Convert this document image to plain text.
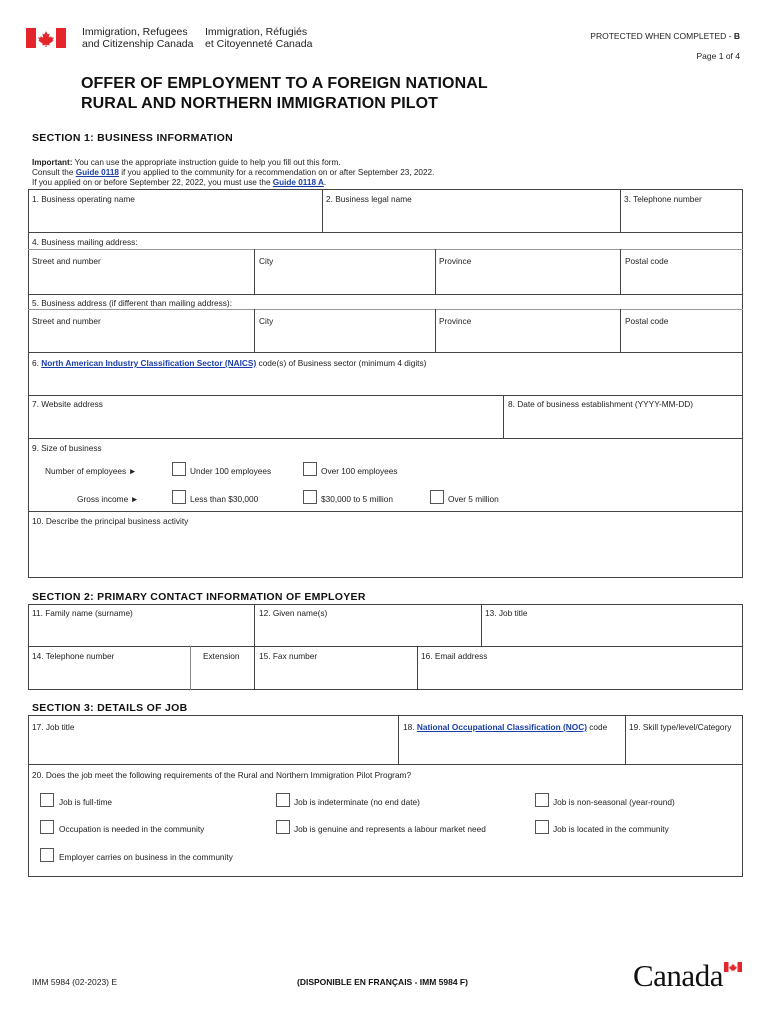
Immigration, Refugees
and Citizenship Canada
Immigration, Réfugiés
et Citoyenneté Canada
PROTECTED WHEN COMPLETED - B
Page 1 of 4
OFFER OF EMPLOYMENT TO A FOREIGN NATIONAL
RURAL AND NORTHERN IMMIGRATION PILOT
SECTION 1: BUSINESS INFORMATION
Important: You can use the appropriate instruction guide to help you fill out this form.
Consult the Guide 0118 if you applied to the community for a recommendation on or after September 23, 2022.
If you applied on or before September 22, 2022, you must use the Guide 0118 A.
1. Business operating name	2. Business legal name	3. Telephone number
4. Business mailing address:
Street and number	City	Province	Postal code
5. Business address (if different than mailing address):
Street and number	City	Province	Postal code
6. North American Industry Classification Sector (NAICS) code(s) of Business sector (minimum 4 digits)
7. Website address	8. Date of business establishment (YYYY-MM-DD)
9. Size of business
Number of employees ►	Under 100 employees	Over 100 employees
Gross income ►	Less than $30,000	$30,000 to 5 million	Over 5 million
10. Describe the principal business activity
SECTION 2: PRIMARY CONTACT INFORMATION OF EMPLOYER
11. Family name (surname)	12. Given name(s)	13. Job title
14. Telephone number	Extension 15. Fax number	16. Email address
SECTION 3: DETAILS OF JOB
17. Job title	18. National Occupational Classification (NOC) code	19. Skill type/level/Category
20. Does the job meet the following requirements of the Rural and Northern Immigration Pilot Program?
Job is full-time	Job is indeterminate (no end date)	Job is non-seasonal (year-round)
Occupation is needed in the community	Job is genuine and represents a labour market need	Job is located in the community
Employer carries on business in the community
IMM 5984 (02-2023) E	(DISPONIBLE EN FRANÇAIS - IMM 5984 F)	Canada
